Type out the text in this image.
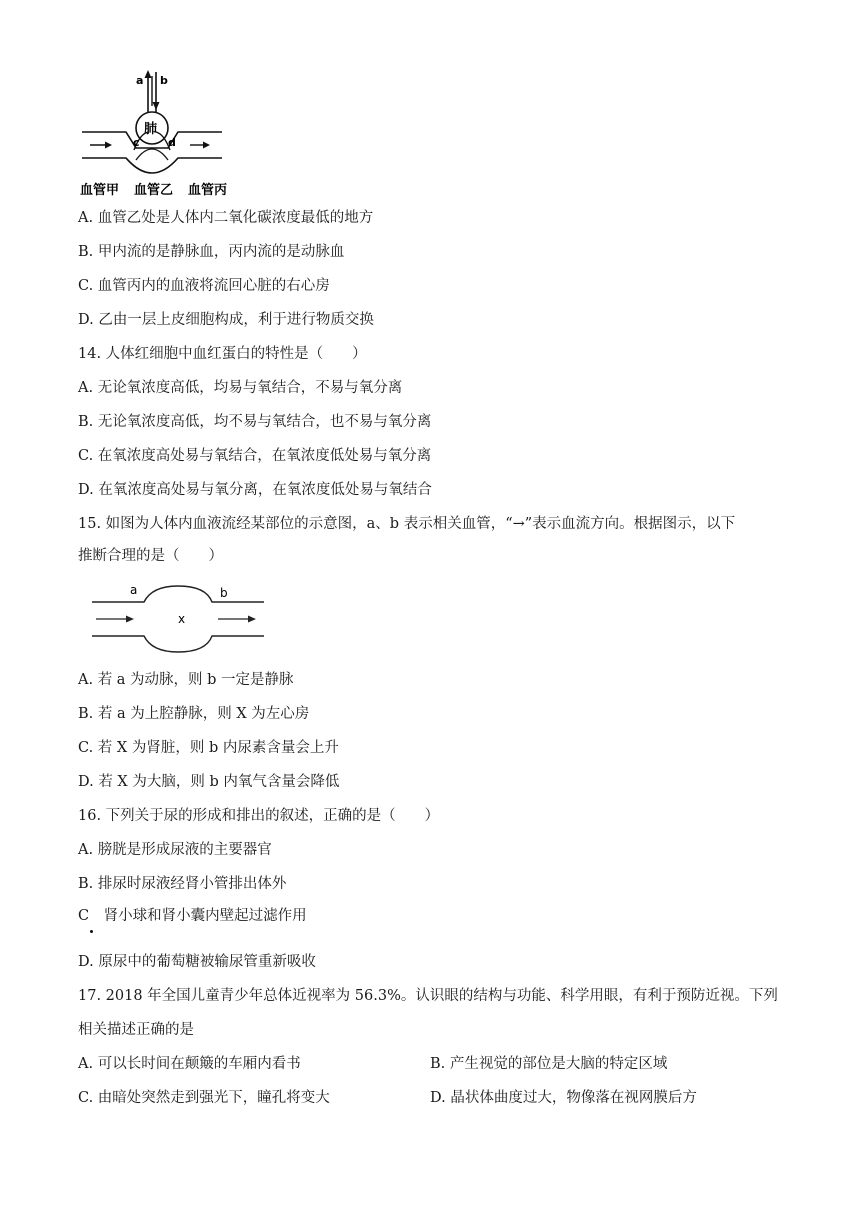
a b
肺
c	d
血管甲 血管乙 血管丙
A. 血管乙处是人体内二氧化碳浓度最低的地方
B. 甲内流的是静脉血，丙内流的是动脉血
C. 血管丙内的血液将流回心脏的右心房
D. 乙由一层上皮细胞构成，利于进行物质交换
14. 人体红细胞中血红蛋白的特性是（　　）
A. 无论氧浓度高低，均易与氧结合，不易与氧分离
B. 无论氧浓度高低，均不易与氧结合，也不易与氧分离
C. 在氧浓度高处易与氧结合，在氧浓度低处易与氧分离
D. 在氧浓度高处易与氧分离，在氧浓度低处易与氧结合
15. 如图为人体内血液流经某部位的示意图，a、b 表示相关血管，“→”表示血流方向。根据图示，以下
推断合理的是（　　）
a	b
x
A. 若 a 为动脉，则 b 一定是静脉
B. 若 a 为上腔静脉，则 X 为左心房
C. 若 X 为肾脏，则 b 内尿素含量会上升
D. 若 X 为大脑，则 b 内氧气含量会降低
16. 下列关于尿的形成和排出的叙述，正确的是（　　）
A. 膀胱是形成尿液的主要器官
B. 排尿时尿液经肾小管排出体外
C　肾小球和肾小囊内壁起过滤作用
D. 原尿中的葡萄糖被输尿管重新吸收
17. 2018 年全国儿童青少年总体近视率为 56.3%。认识眼的结构与功能、科学用眼，有利于预防近视。下列
相关描述正确的是
A. 可以长时间在颠簸的车厢内看书	B. 产生视觉的部位是大脑的特定区域
C. 由暗处突然走到强光下，瞳孔将变大	D. 晶状体曲度过大，物像落在视网膜后方
